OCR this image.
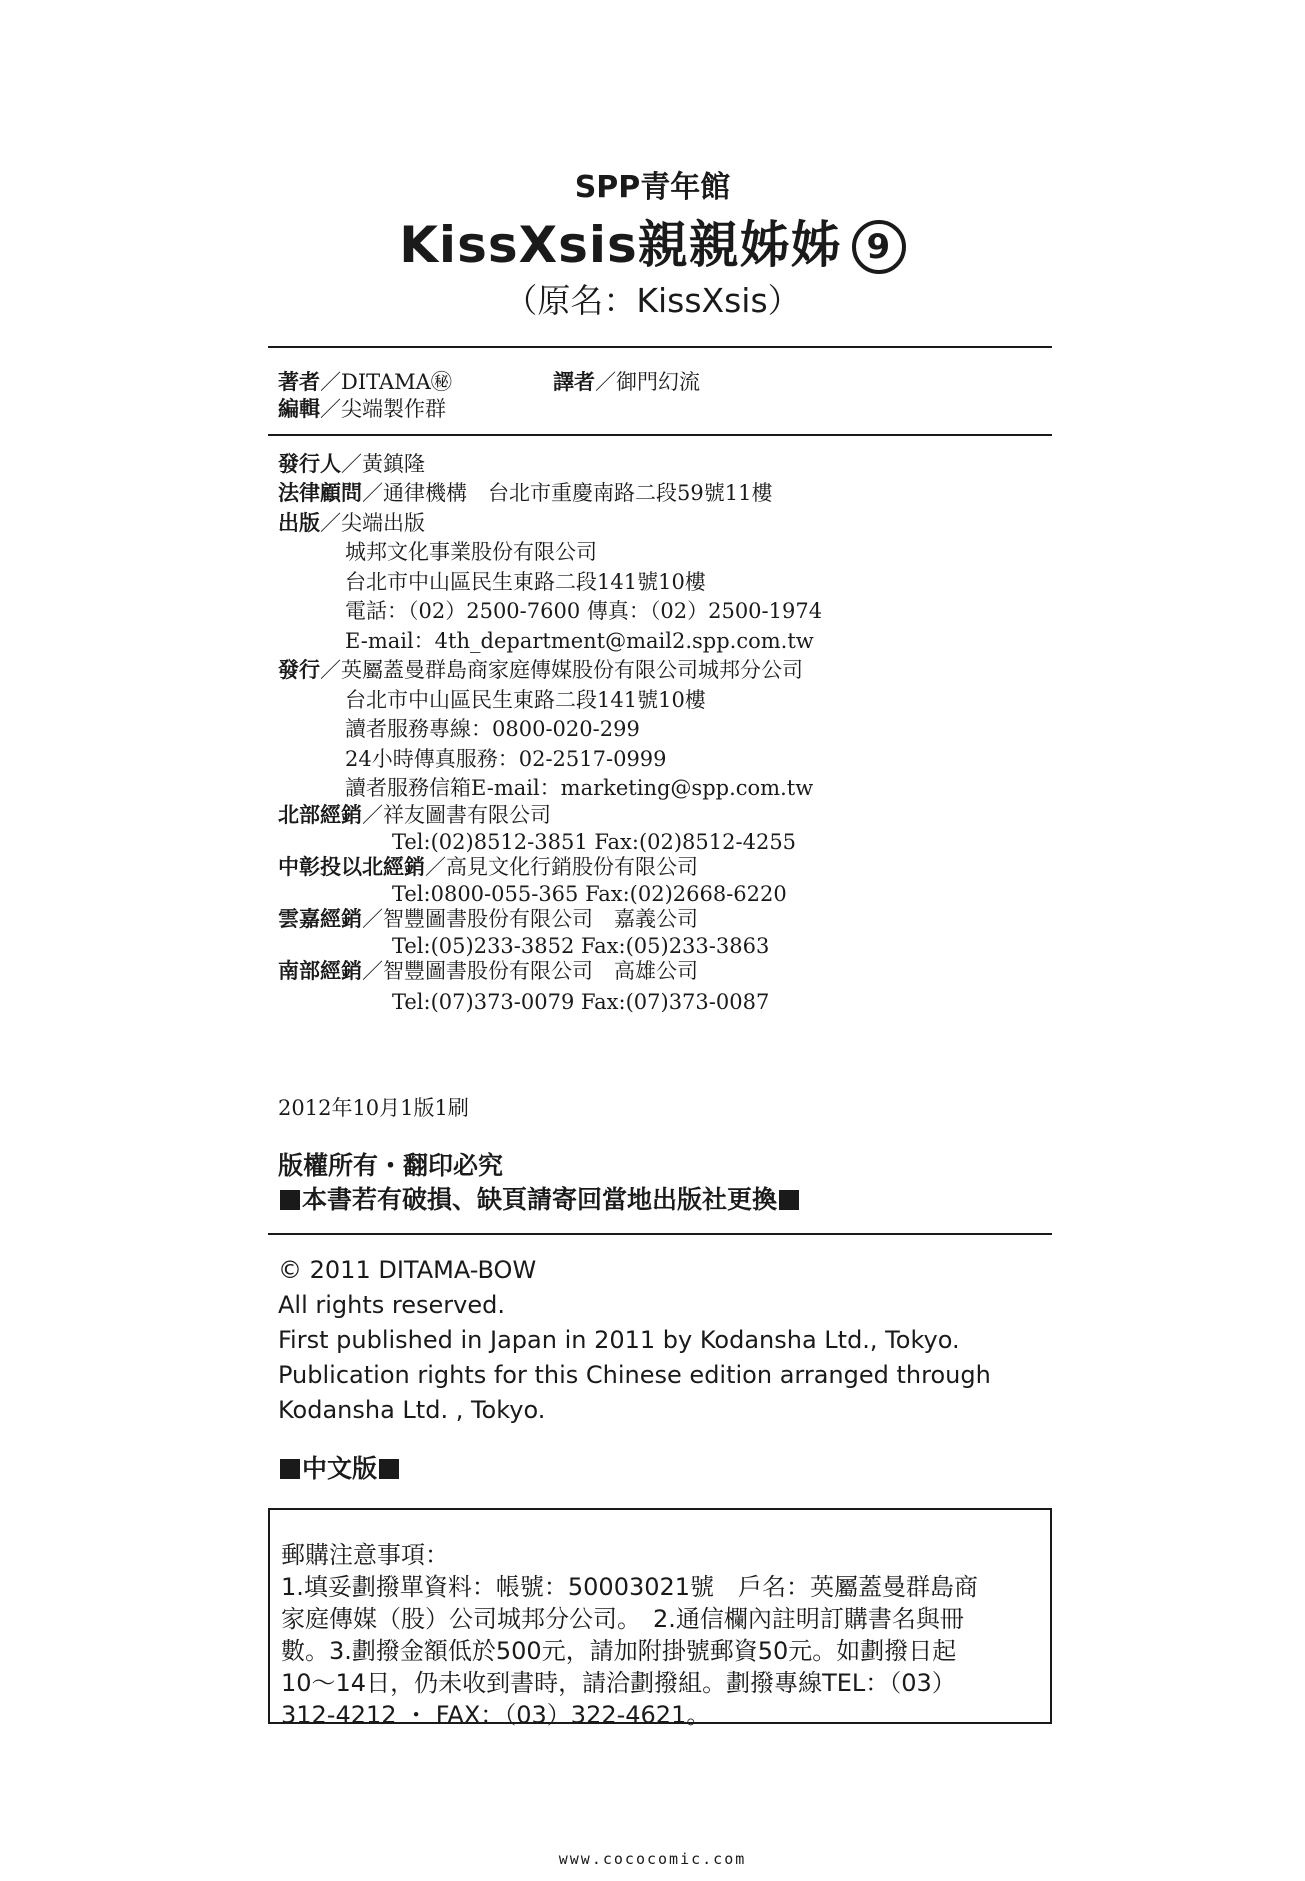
SPP青年館
KissXsis親親姊姊 9
（原名：KissXsis）
著者／DITAMA㊙	譯者／御門幻流
編輯／尖端製作群
發行人／黃鎮隆
法律顧問／通律機構　台北市重慶南路二段59號11樓
出版／尖端出版
城邦文化事業股份有限公司
台北市中山區民生東路二段141號10樓
電話：（02）2500-7600 傳真：（02）2500-1974
E-mail：4th_department@mail2.spp.com.tw
發行／英屬蓋曼群島商家庭傳媒股份有限公司城邦分公司
台北市中山區民生東路二段141號10樓
讀者服務專線：0800-020-299
24小時傳真服務：02-2517-0999
讀者服務信箱E-mail：marketing@spp.com.tw
北部經銷／祥友圖書有限公司
Tel:(02)8512-3851 Fax:(02)8512-4255
中彰投以北經銷／高見文化行銷股份有限公司
Tel:0800-055-365 Fax:(02)2668-6220
雲嘉經銷／智豐圖書股份有限公司　嘉義公司
Tel:(05)233-3852 Fax:(05)233-3863
南部經銷／智豐圖書股份有限公司　高雄公司
Tel:(07)373-0079 Fax:(07)373-0087
2012年10月1版1刷
版權所有・翻印必究
本書若有破損、缺頁請寄回當地出版社更換
© 2011 DITAMA-BOW
All rights reserved.
First published in Japan in 2011 by Kodansha Ltd., Tokyo.
Publication rights for this Chinese edition arranged through
Kodansha Ltd. , Tokyo.
中文版
郵購注意事項：
1.填妥劃撥單資料：帳號：50003021號　戶名：英屬蓋曼群島商
家庭傳媒（股）公司城邦分公司。　2.通信欄內註明訂購書名與冊
數。3.劃撥金額低於500元，請加附掛號郵資50元。如劃撥日起
10～14日，仍未收到書時，請洽劃撥組。劃撥專線TEL：（03）
312-4212 ・ FAX：（03）322-4621。
www.cococomic.com
